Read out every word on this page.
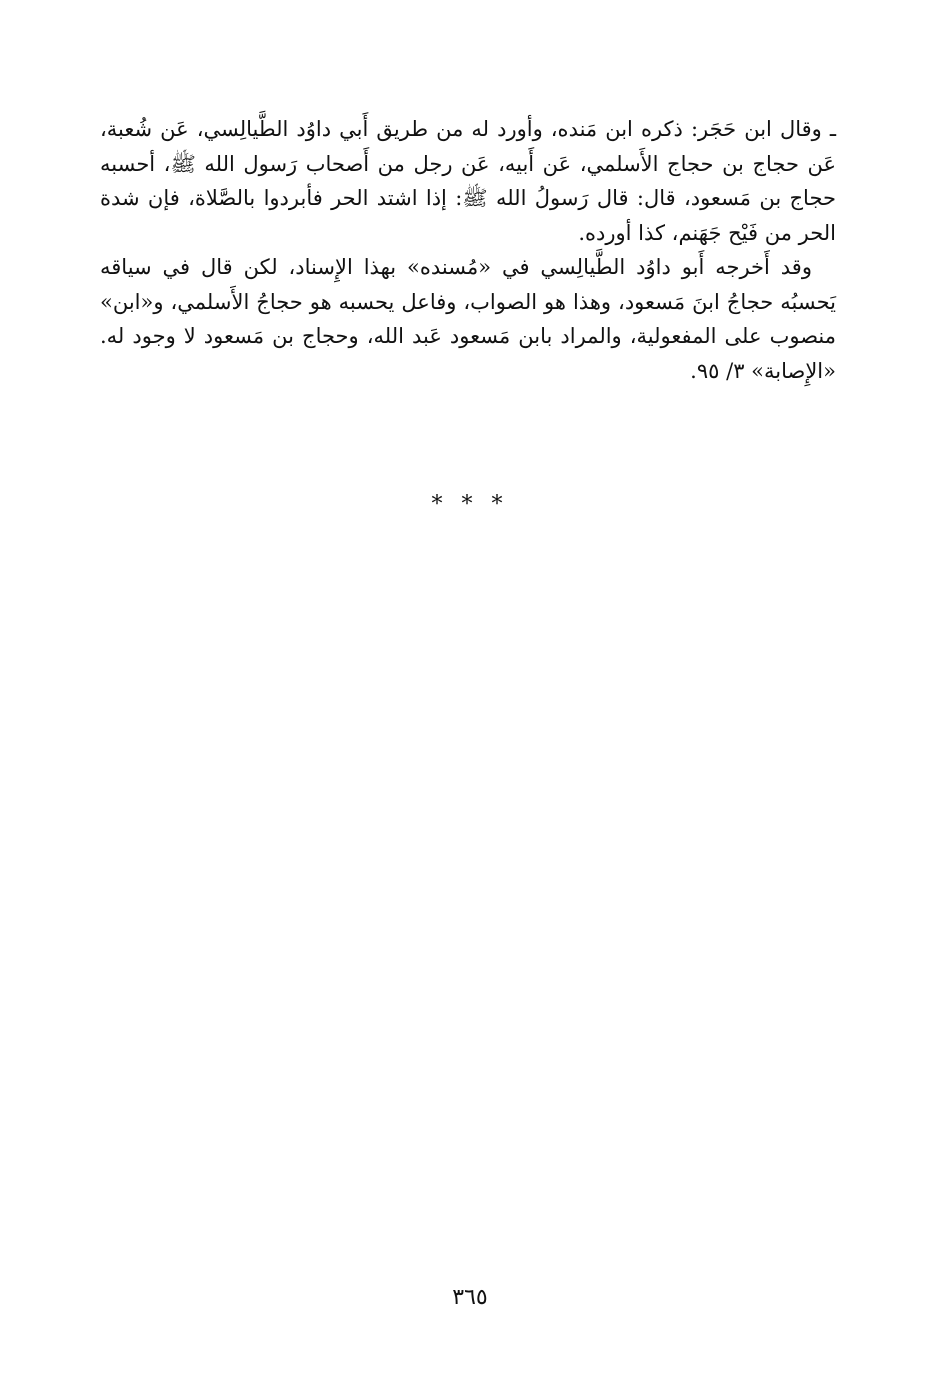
ـ وقال ابن حَجَر: ذكره ابن مَنده، وأورد له من طريق أَبي داوُد الطَّيالِسي، عَن شُعبة، عَن حجاج بن حجاج الأَسلمي، عَن أَبيه، عَن رجل من أَصحاب رَسول الله ﷺ، أحسبه حجاج بن مَسعود، قال: قال رَسولُ الله ﷺ: إذا اشتد الحر فأبردوا بالصَّلاة، فإن شدة الحر من فَيْح جَهَنم، كذا أورده.

وقد أَخرجه أَبو داوُد الطَّيالِسي في «مُسنده» بهذا الإِسناد، لكن قال في سياقه يَحسبُه حجاجُ ابنَ مَسعود، وهذا هو الصواب، وفاعل يحسبه هو حجاجُ الأَسلمي، و«ابن» منصوب على المفعولية، والمراد بابن مَسعود عَبد الله، وحجاج بن مَسعود لا وجود له. «الإِصابة» ٣/ ٩٥.

* * *
٣٦٥
